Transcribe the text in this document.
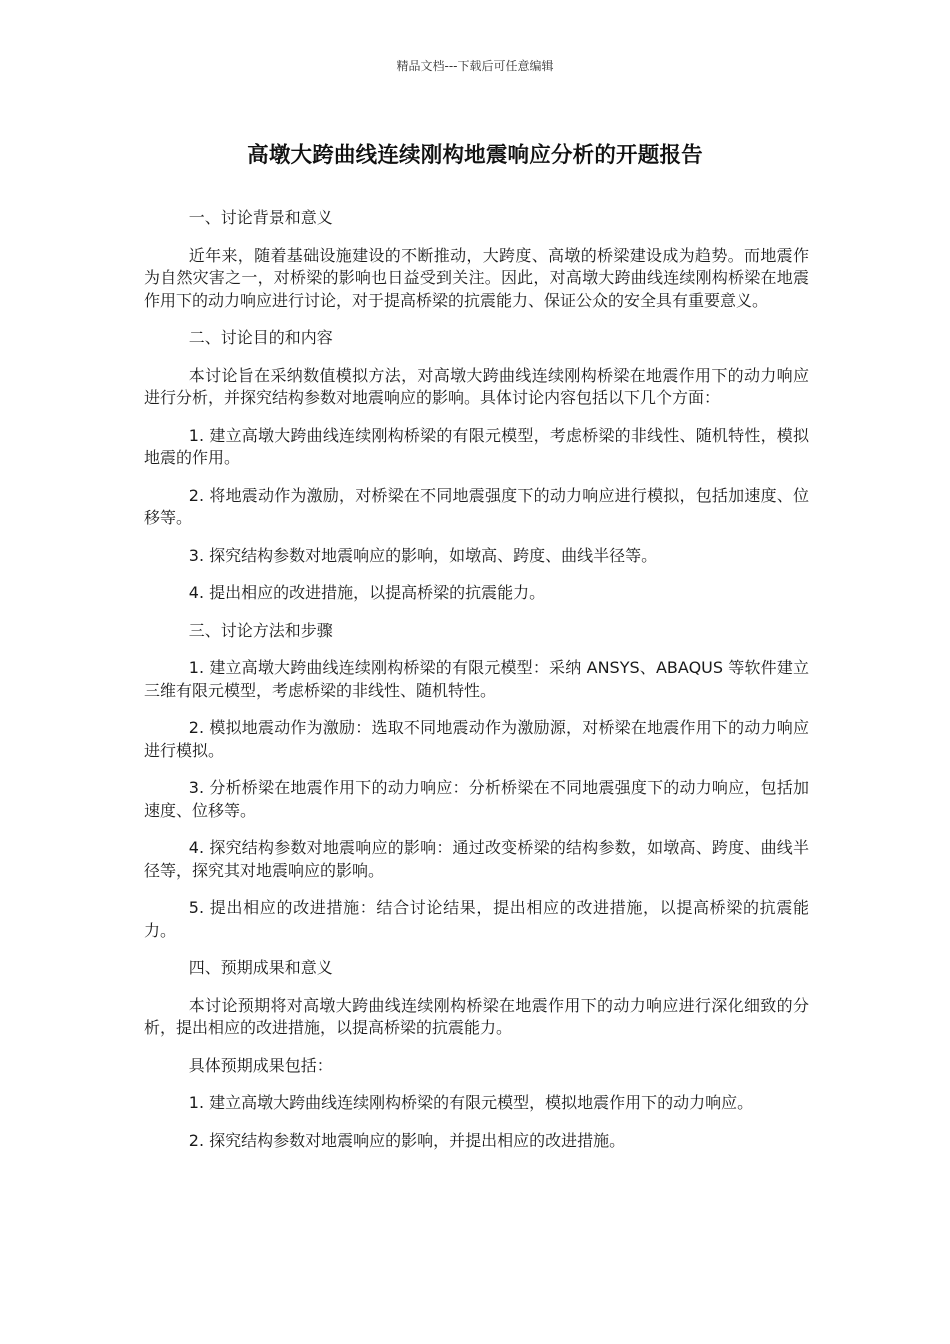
精品文档---下载后可任意编辑
高墩大跨曲线连续刚构地震响应分析的开题报告

一、讨论背景和意义

近年来，随着基础设施建设的不断推动，大跨度、高墩的桥梁建设成为趋势。而地震作为自然灾害之一，对桥梁的影响也日益受到关注。因此，对高墩大跨曲线连续刚构桥梁在地震作用下的动力响应进行讨论，对于提高桥梁的抗震能力、保证公众的安全具有重要意义。

二、讨论目的和内容

本讨论旨在采纳数值模拟方法，对高墩大跨曲线连续刚构桥梁在地震作用下的动力响应进行分析，并探究结构参数对地震响应的影响。具体讨论内容包括以下几个方面：

1. 建立高墩大跨曲线连续刚构桥梁的有限元模型，考虑桥梁的非线性、随机特性，模拟地震的作用。

2. 将地震动作为激励，对桥梁在不同地震强度下的动力响应进行模拟，包括加速度、位移等。

3. 探究结构参数对地震响应的影响，如墩高、跨度、曲线半径等。

4. 提出相应的改进措施，以提高桥梁的抗震能力。

三、讨论方法和步骤

1. 建立高墩大跨曲线连续刚构桥梁的有限元模型：采纳 ANSYS、ABAQUS 等软件建立三维有限元模型，考虑桥梁的非线性、随机特性。

2. 模拟地震动作为激励：选取不同地震动作为激励源，对桥梁在地震作用下的动力响应进行模拟。

3. 分析桥梁在地震作用下的动力响应：分析桥梁在不同地震强度下的动力响应，包括加速度、位移等。

4. 探究结构参数对地震响应的影响：通过改变桥梁的结构参数，如墩高、跨度、曲线半径等，探究其对地震响应的影响。

5. 提出相应的改进措施：结合讨论结果，提出相应的改进措施，以提高桥梁的抗震能力。

四、预期成果和意义

本讨论预期将对高墩大跨曲线连续刚构桥梁在地震作用下的动力响应进行深化细致的分析，提出相应的改进措施，以提高桥梁的抗震能力。

具体预期成果包括：

1. 建立高墩大跨曲线连续刚构桥梁的有限元模型，模拟地震作用下的动力响应。

2. 探究结构参数对地震响应的影响，并提出相应的改进措施。
